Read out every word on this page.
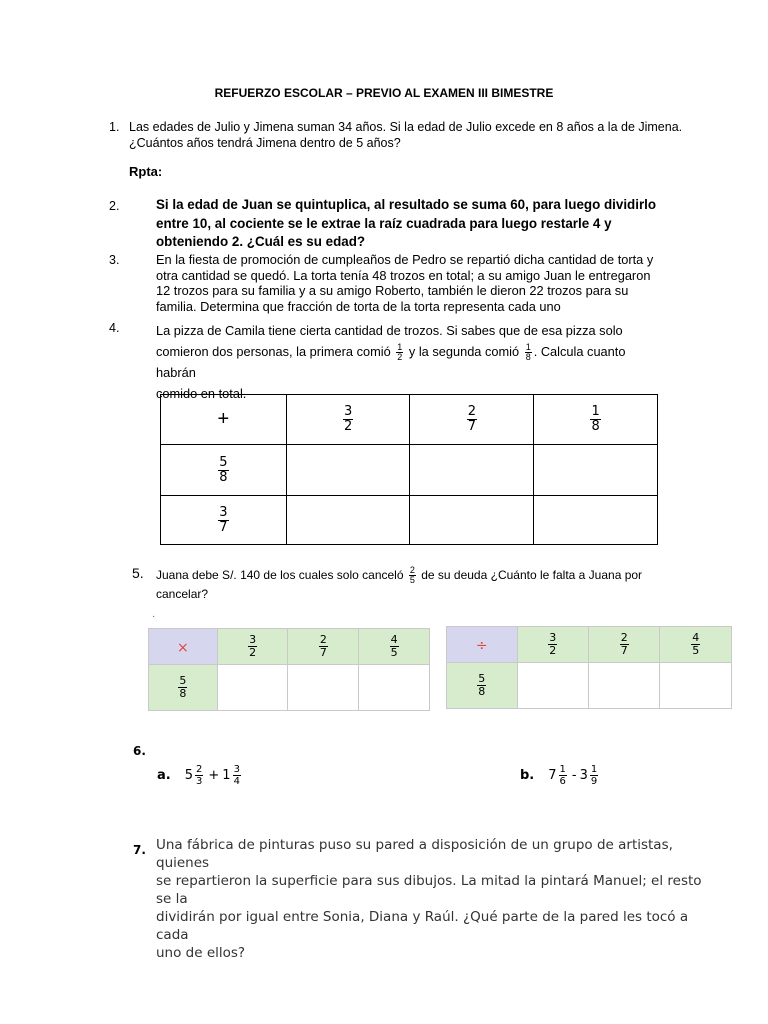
REFUERZO ESCOLAR – PREVIO AL EXAMEN III BIMESTRE
1. Las edades de Julio y Jimena suman 34 años. Si la edad de Julio excede en 8 años a la de Jimena.
¿Cuántos años tendrá Jimena dentro de 5 años?
Rpta:
2.	Si la edad de Juan se quintuplica, al resultado se suma 60, para luego dividirlo
entre 10, al cociente se le extrae la raíz cuadrada para luego restarle 4 y
obteniendo 2. ¿Cuál es su edad?
3.	En la fiesta de promoción de cumpleaños de Pedro se repartió dicha cantidad de torta y
otra cantidad se quedó. La torta tenía 48 trozos en total; a su amigo Juan le entregaron
12 trozos para su familia y a su amigo Roberto, también le dieron 22 trozos para su
familia. Determina que fracción de torta de la torta representa cada uno
4.	La pizza de Camila tiene cierta cantidad de trozos. Si sabes que de esa pizza solo
comieron dos personas, la primera comió $\frac{1}{2}$ y la segunda comió $\frac{1}{8}$ . Calcula cuanto habrán
comido en total.
+	$\frac{3}{2}$	$\frac{2}{7}$	$\frac{1}{8}$

$\frac{5}{8}$

$\frac{3}{7}$

5. Juana debe S/. 140 de los cuales solo canceló $\frac{2}{5}$ de su deuda ¿Cuánto le falta a Juana por
cancelar?
·
×	$\frac{3}{2}$	$\frac{2}{7}$	$\frac{4}{5}$

$\frac{5}{8}$

÷	$\frac{3}{2}$	$\frac{2}{7}$	$\frac{4}{5}$

$\frac{5}{8}$

6.
a. $5 \frac{2}{3} + 1 \frac{3}{4}$	b. $7 \frac{1}{6} - 3 \frac{1}{9}$
7. Una fábrica de pinturas puso su pared a disposición de un grupo de artistas, quienes
se repartieron la superficie para sus dibujos. La mitad la pintará Manuel; el resto se la
dividirán por igual entre Sonia, Diana y Raúl. ¿Qué parte de la pared les tocó a cada
uno de ellos?
